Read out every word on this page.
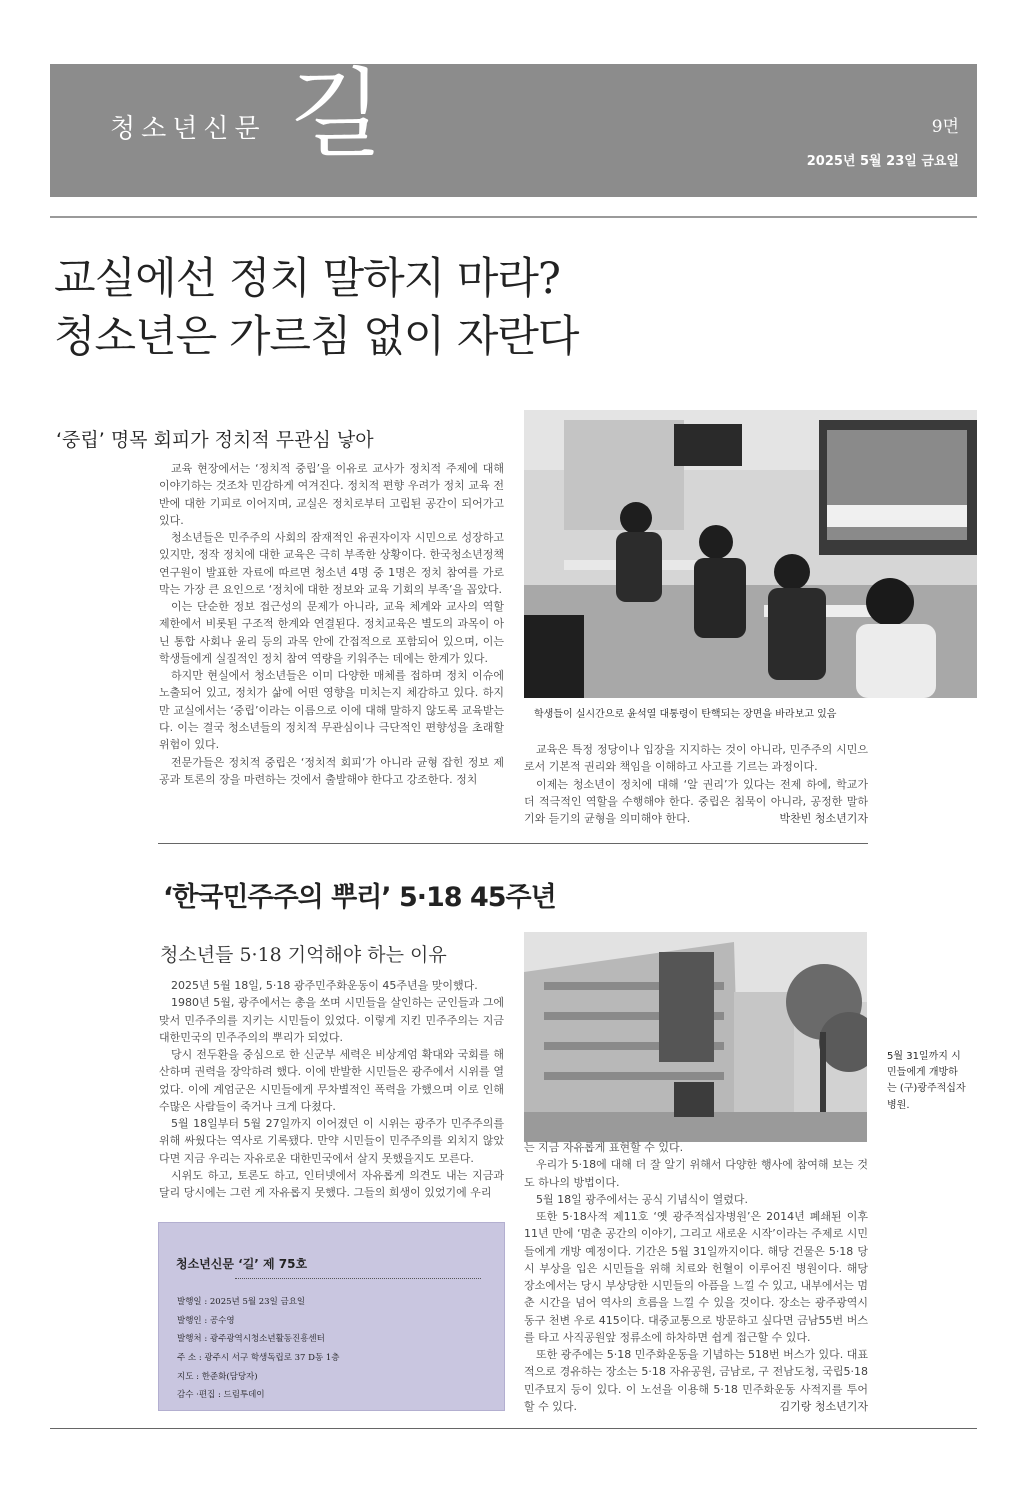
청소년신문 길	9면
2025년 5월 23일 금요일
교실에선 정치 말하지 마라?
청소년은 가르침 없이 자란다
‘중립’ 명목 회피가 정치적 무관심 낳아

교육 현장에서는 ‘정치적 중립’을 이유로 교사가 정치적 주제에 대해 이야기하는 것조차 민감하게 여겨진다. 정치적 편향 우려가 정치 교육 전반에 대한 기피로 이어지며, 교실은 정치로부터 고립된 공간이 되어가고 있다.

청소년들은 민주주의 사회의 잠재적인 유권자이자 시민으로 성장하고 있지만, 정작 정치에 대한 교육은 극히 부족한 상황이다. 한국청소년정책연구원이 발표한 자료에 따르면 청소년 4명 중 1명은 정치 참여를 가로막는 가장 큰 요인으로 ‘정치에 대한 정보와 교육 기회의 부족’을 꼽았다.

이는 단순한 정보 접근성의 문제가 아니라, 교육 체계와 교사의 역할 제한에서 비롯된 구조적 한계와 연결된다. 정치교육은 별도의 과목이 아닌 통합 사회나 윤리 등의 과목 안에 간접적으로 포함되어 있으며, 이는 학생들에게 실질적인 정치 참여 역량을 키워주는 데에는 한계가 있다.

하지만 현실에서 청소년들은 이미 다양한 매체를 접하며 정치 이슈에 노출되어 있고, 정치가 삶에 어떤 영향을 미치는지 체감하고 있다. 하지만 교실에서는 ‘중립’이라는 이름으로 이에 대해 말하지 않도록 교육받는다. 이는 결국 청소년들의 정치적 무관심이나 극단적인 편향성을 초래할 위험이 있다.

전문가들은 정치적 중립은 ‘정치적 회피’가 아니라 균형 잡힌 정보 제공과 토론의 장을 마련하는 것에서 출발해야 한다고 강조한다. 정치

학생들이 실시간으로 윤석열 대통령이 탄핵되는 장면을 바라보고 있음

교육은 특정 정당이나 입장을 지지하는 것이 아니라, 민주주의 시민으로서 기본적 권리와 책임을 이해하고 사고를 기르는 과정이다.

이제는 청소년이 정치에 대해 ‘알 권리’가 있다는 전제 하에, 학교가 더 적극적인 역할을 수행해야 한다. 중립은 침묵이 아니라, 공정한 말하기와 듣기의 균형을 의미해야 한다.	박찬빈 청소년기자

‘한국민주주의 뿌리’ 5·18 45주년
청소년들 5·18 기억해야 하는 이유

2025년 5월 18일, 5·18 광주민주화운동이 45주년을 맞이했다.

1980년 5월, 광주에서는 총을 쏘며 시민들을 살인하는 군인들과 그에 맞서 민주주의를 지키는 시민들이 있었다. 이렇게 지킨 민주주의는 지금 대한민국의 민주주의의 뿌리가 되었다.

당시 전두환을 중심으로 한 신군부 세력은 비상계엄 확대와 국회를 해산하며 권력을 장악하려 했다. 이에 반발한 시민들은 광주에서 시위를 열었다. 이에 계엄군은 시민들에게 무차별적인 폭력을 가했으며 이로 인해 수많은 사람들이 죽거나 크게 다쳤다.

5월 18일부터 5월 27일까지 이어졌던 이 시위는 광주가 민주주의를 위해 싸웠다는 역사로 기록됐다. 만약 시민들이 민주주의를 외치지 않았다면 지금 우리는 자유로운 대한민국에서 살지 못했을지도 모른다.

시위도 하고, 토론도 하고, 인터넷에서 자유롭게 의견도 내는 지금과 달리 당시에는 그런 게 자유롭지 못했다. 그들의 희생이 있었기에 우리

5월 31일까지 시민들에게 개방하는 (구)광주적십자병원.

는 지금 자유롭게 표현할 수 있다.

우리가 5·18에 대해 더 잘 알기 위해서 다양한 행사에 참여해 보는 것도 하나의 방법이다.

5월 18일 광주에서는 공식 기념식이 열렸다.

또한 5·18사적 제11호 ‘옛 광주적십자병원’은 2014년 폐쇄된 이후 11년 만에 ‘멈춘 공간의 이야기, 그리고 새로운 시작’이라는 주제로 시민들에게 개방 예정이다. 기간은 5월 31일까지이다. 해당 건물은 5·18 당시 부상을 입은 시민들을 위해 치료와 헌혈이 이루어진 병원이다. 해당 장소에서는 당시 부상당한 시민들의 아픔을 느낄 수 있고, 내부에서는 멈춘 시간을 넘어 역사의 흐름을 느낄 수 있을 것이다. 장소는 광주광역시 동구 천변 우로 415이다. 대중교통으로 방문하고 싶다면 금남55번 버스를 타고 사직공원앞 정류소에 하차하면 쉽게 접근할 수 있다.

또한 광주에는 5·18 민주화운동을 기념하는 518번 버스가 있다. 대표적으로 경유하는 장소는 5·18 자유공원, 금남로, 구 전남도청, 국립5·18민주묘지 등이 있다. 이 노선을 이용해 5·18 민주화운동 사적지를 투어 할 수 있다.	김기랑 청소년기자

청소년신문 ‘길’ 제 75호
발행일 : 2025년 5월 23일 금요일
발행인 : 공수영
발행처 : 광주광역시청소년활동진흥센터
주 소 : 광주시 서구 학생독립로 37 D동 1층
지도 : 한준화(담당자)
감수 ·편집 : 드림투데이
